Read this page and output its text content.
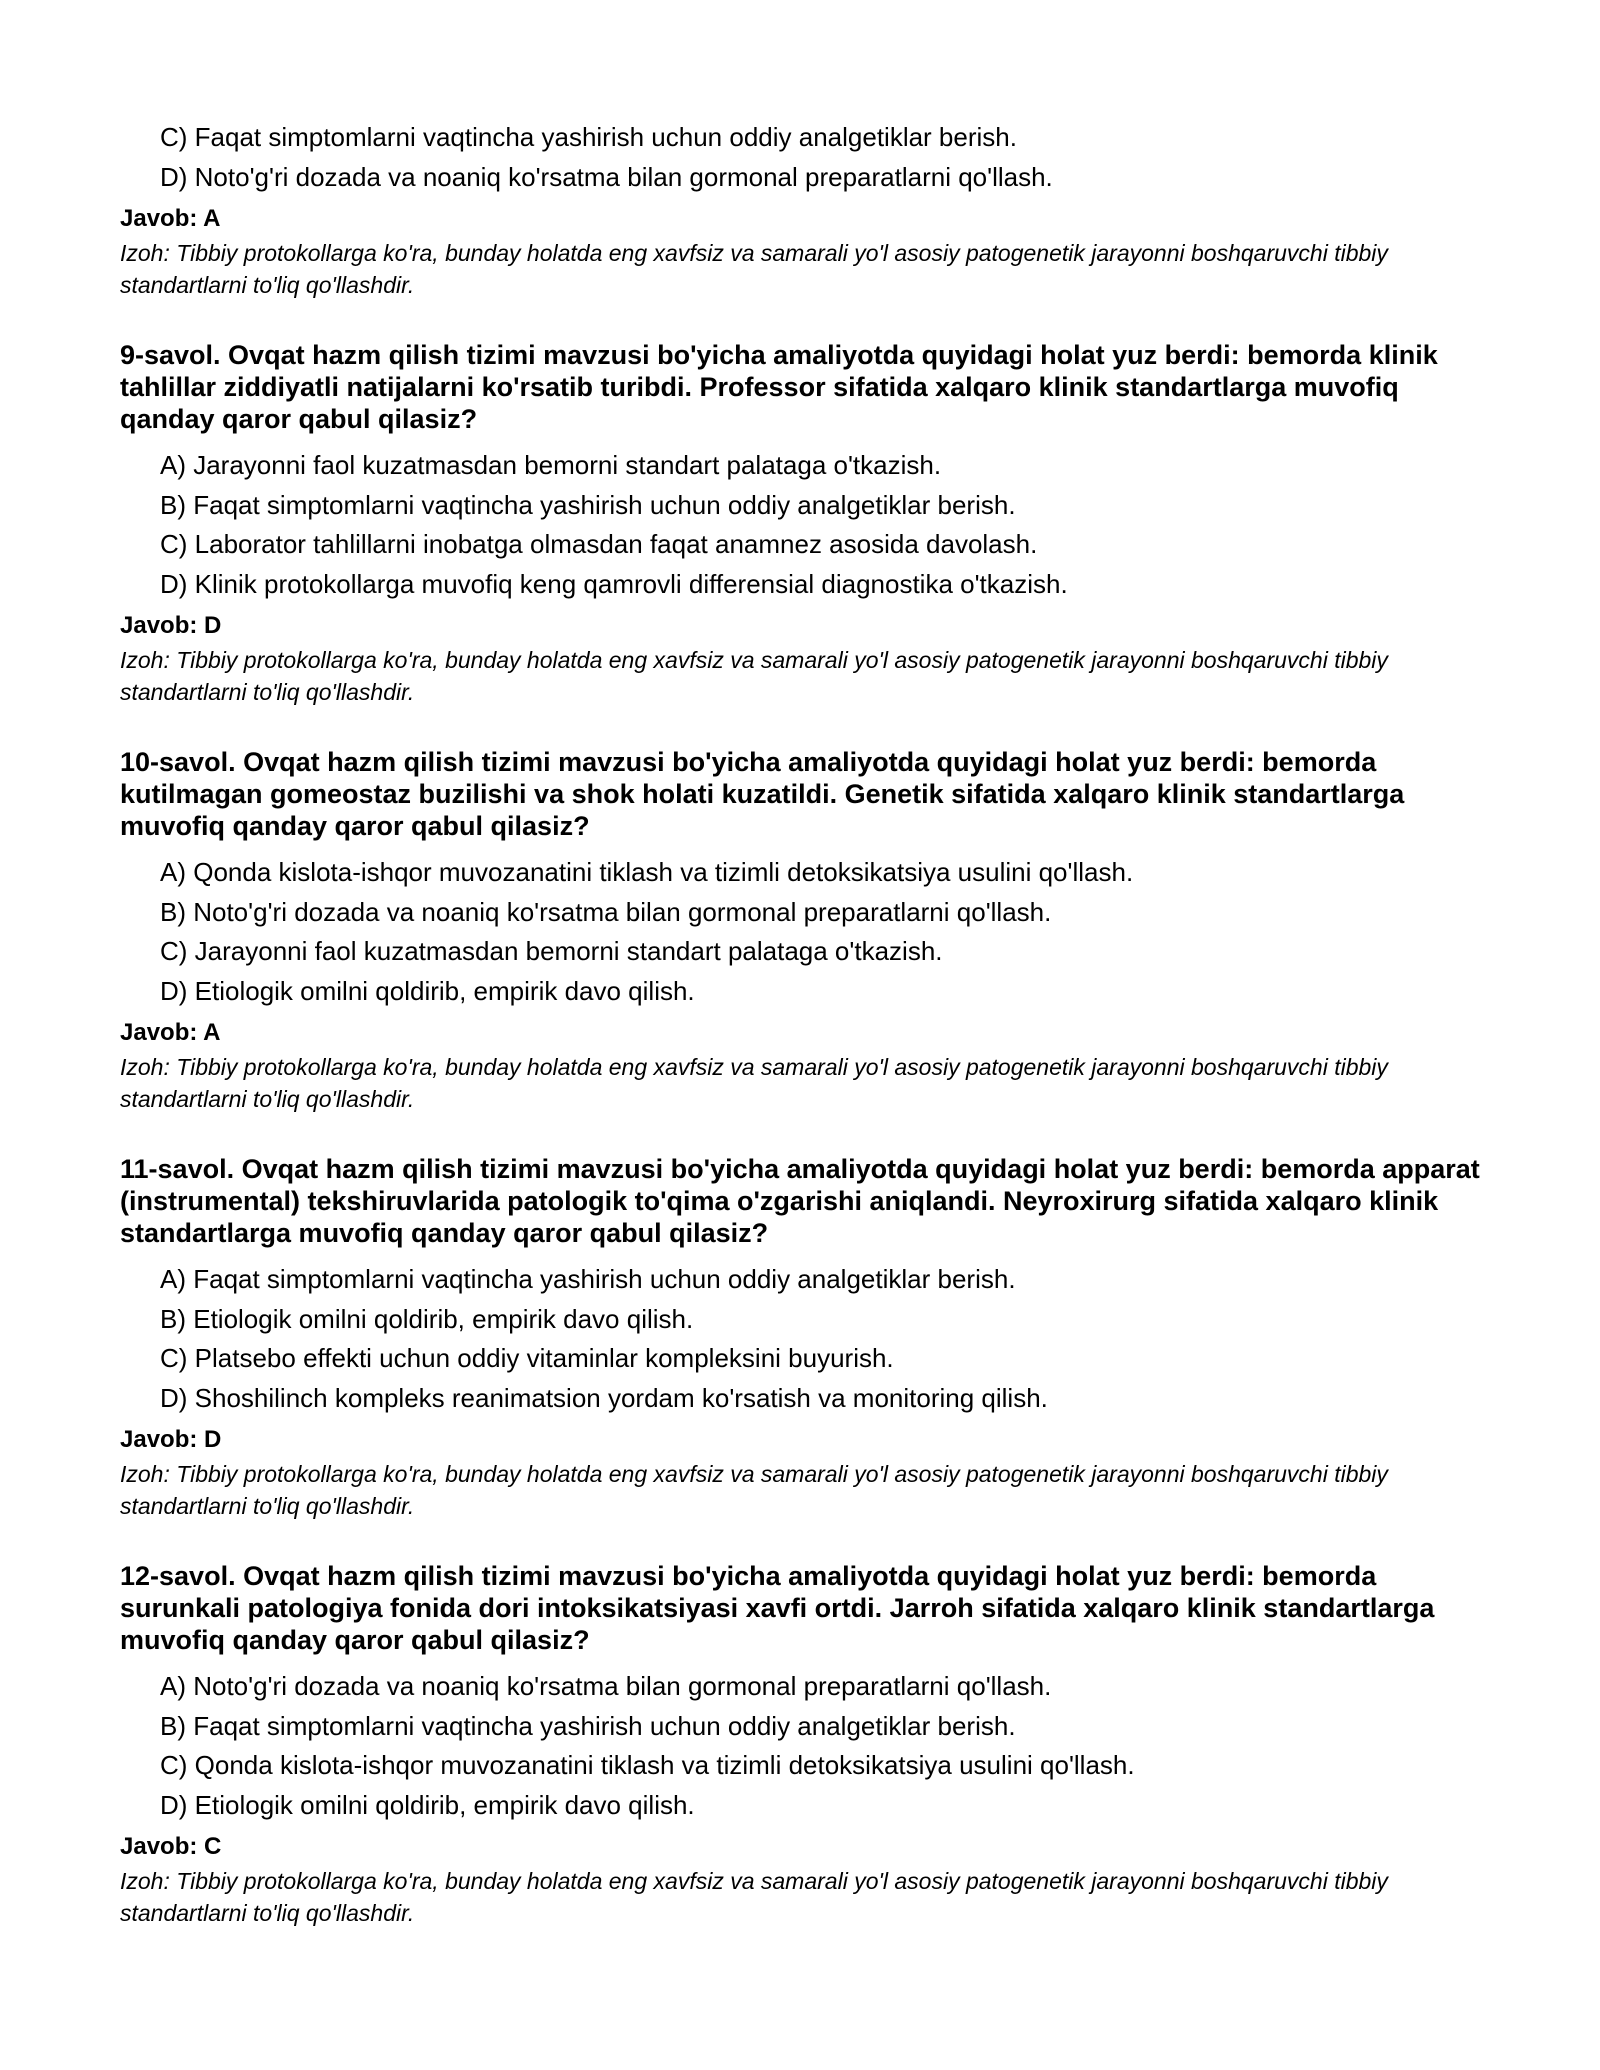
C) Faqat simptomlarni vaqtincha yashirish uchun oddiy analgetiklar berish.
D) Noto'g'ri dozada va noaniq ko'rsatma bilan gormonal preparatlarni qo'llash.
Javob: A
Izoh: Tibbiy protokollarga ko'ra, bunday holatda eng xavfsiz va samarali yo'l asosiy patogenetik jarayonni boshqaruvchi tibbiy standartlarni to'liq qo'llashdir.
9-savol. Ovqat hazm qilish tizimi mavzusi bo'yicha amaliyotda quyidagi holat yuz berdi: bemorda klinik tahlillar ziddiyatli natijalarni ko'rsatib turibdi. Professor sifatida xalqaro klinik standartlarga muvofiq qanday qaror qabul qilasiz?
A) Jarayonni faol kuzatmasdan bemorni standart palataga o'tkazish.
B) Faqat simptomlarni vaqtincha yashirish uchun oddiy analgetiklar berish.
C) Laborator tahlillarni inobatga olmasdan faqat anamnez asosida davolash.
D) Klinik protokollarga muvofiq keng qamrovli differensial diagnostika o'tkazish.
Javob: D
Izoh: Tibbiy protokollarga ko'ra, bunday holatda eng xavfsiz va samarali yo'l asosiy patogenetik jarayonni boshqaruvchi tibbiy standartlarni to'liq qo'llashdir.
10-savol. Ovqat hazm qilish tizimi mavzusi bo'yicha amaliyotda quyidagi holat yuz berdi: bemorda kutilmagan gomeostaz buzilishi va shok holati kuzatildi. Genetik sifatida xalqaro klinik standartlarga muvofiq qanday qaror qabul qilasiz?
A) Qonda kislota-ishqor muvozanatini tiklash va tizimli detoksikatsiya usulini qo'llash.
B) Noto'g'ri dozada va noaniq ko'rsatma bilan gormonal preparatlarni qo'llash.
C) Jarayonni faol kuzatmasdan bemorni standart palataga o'tkazish.
D) Etiologik omilni qoldirib, empirik davo qilish.
Javob: A
Izoh: Tibbiy protokollarga ko'ra, bunday holatda eng xavfsiz va samarali yo'l asosiy patogenetik jarayonni boshqaruvchi tibbiy standartlarni to'liq qo'llashdir.
11-savol. Ovqat hazm qilish tizimi mavzusi bo'yicha amaliyotda quyidagi holat yuz berdi: bemorda apparat (instrumental) tekshiruvlarida patologik to'qima o'zgarishi aniqlandi. Neyroxirurg sifatida xalqaro klinik standartlarga muvofiq qanday qaror qabul qilasiz?
A) Faqat simptomlarni vaqtincha yashirish uchun oddiy analgetiklar berish.
B) Etiologik omilni qoldirib, empirik davo qilish.
C) Platsebo effekti uchun oddiy vitaminlar kompleksini buyurish.
D) Shoshilinch kompleks reanimatsion yordam ko'rsatish va monitoring qilish.
Javob: D
Izoh: Tibbiy protokollarga ko'ra, bunday holatda eng xavfsiz va samarali yo'l asosiy patogenetik jarayonni boshqaruvchi tibbiy standartlarni to'liq qo'llashdir.
12-savol. Ovqat hazm qilish tizimi mavzusi bo'yicha amaliyotda quyidagi holat yuz berdi: bemorda surunkali patologiya fonida dori intoksikatsiyasi xavfi ortdi. Jarroh sifatida xalqaro klinik standartlarga muvofiq qanday qaror qabul qilasiz?
A) Noto'g'ri dozada va noaniq ko'rsatma bilan gormonal preparatlarni qo'llash.
B) Faqat simptomlarni vaqtincha yashirish uchun oddiy analgetiklar berish.
C) Qonda kislota-ishqor muvozanatini tiklash va tizimli detoksikatsiya usulini qo'llash.
D) Etiologik omilni qoldirib, empirik davo qilish.
Javob: C
Izoh: Tibbiy protokollarga ko'ra, bunday holatda eng xavfsiz va samarali yo'l asosiy patogenetik jarayonni boshqaruvchi tibbiy standartlarni to'liq qo'llashdir.
